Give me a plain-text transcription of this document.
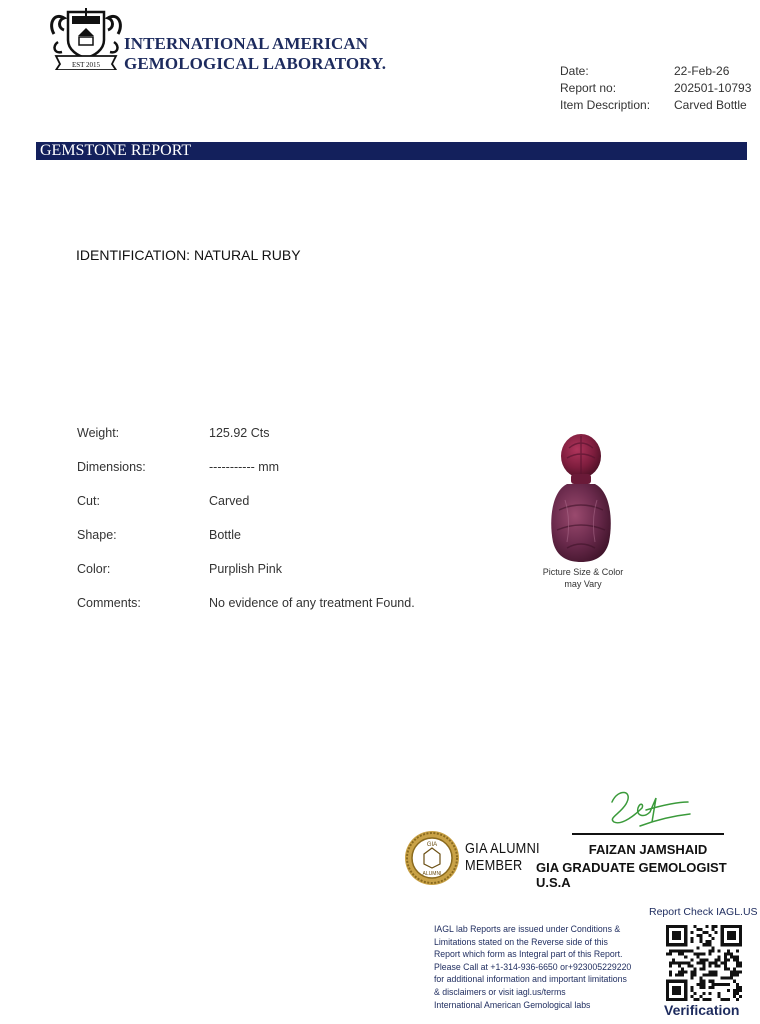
EST 2015
INTERNATIONAL AMERICAN
GEMOLOGICAL LABORATORY.	Date:	22-Feb-26
Report no:	202501-10793
Item Description:	Carved Bottle
GEMSTONE REPORT
IDENTIFICATION: NATURAL RUBY
Weight:	125.92 Cts
Dimensions:	----------- mm
Cut:	Carved
Shape:	Bottle
Color:	Purplish Pink
Comments:	No evidence of any treatment Found.
Picture Size & Color
may Vary
FAIZAN JAMSHAID
GIA GRADUATE GEMOLOGIST U.S.A
GIA
ALUMNI
GIA ALUMNI
MEMBER
IAGL lab Reports are issued under Conditions &
Limitations stated on the Reverse side of this
Report which form as Integral part of this Report.
Please Call at +1-314-936-6650 or+923005229220
for additional information and important limitations
& disclaimers or visit iagl.us/terms
International American Gemological labs
Report Check IAGL.US
Verification
